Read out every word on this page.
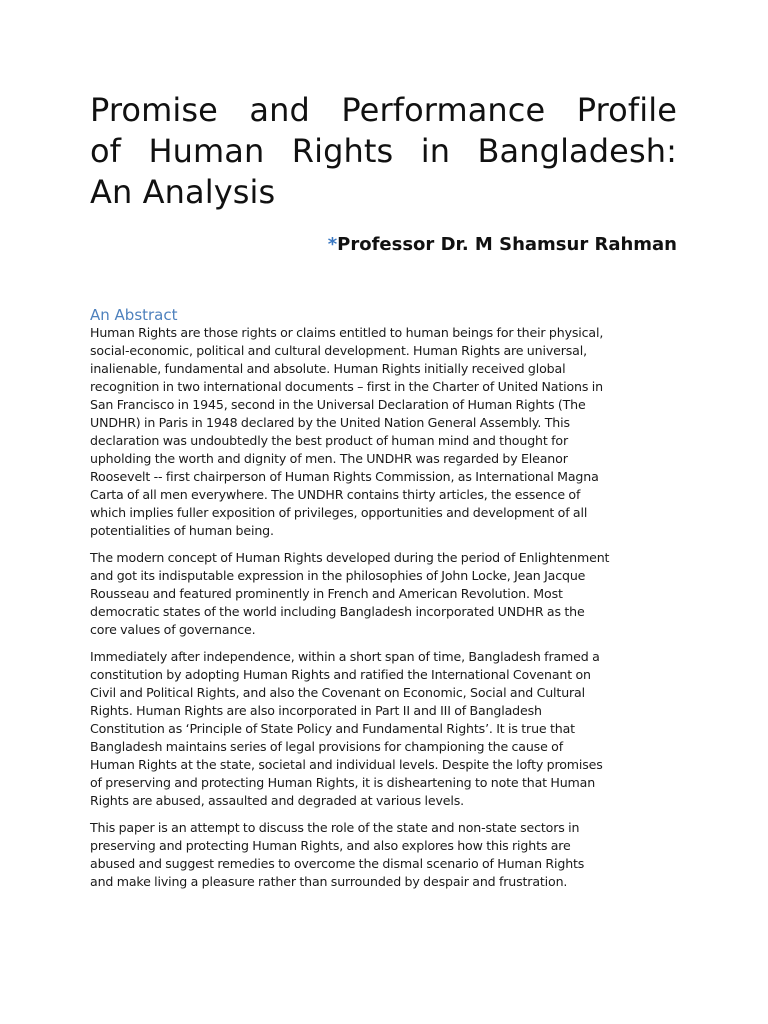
Promise and Performance Profile
of Human Rights in Bangladesh:
An Analysis
*Professor Dr. M Shamsur Rahman
An Abstract

Human Rights are those rights or claims entitled to human beings for their physical,
social-economic, political and cultural development. Human Rights are universal,
inalienable, fundamental and absolute. Human Rights initially received global
recognition in two international documents – first in the Charter of United Nations in
San Francisco in 1945, second in the Universal Declaration of Human Rights (The
UNDHR) in Paris in 1948 declared by the United Nation General Assembly. This
declaration was undoubtedly the best product of human mind and thought for
upholding the worth and dignity of men. The UNDHR was regarded by Eleanor
Roosevelt -- first chairperson of Human Rights Commission, as International Magna
Carta of all men everywhere. The UNDHR contains thirty articles, the essence of
which implies fuller exposition of privileges, opportunities and development of all
potentialities of human being.

The modern concept of Human Rights developed during the period of Enlightenment
and got its indisputable expression in the philosophies of John Locke, Jean Jacque
Rousseau and featured prominently in French and American Revolution. Most
democratic states of the world including Bangladesh incorporated UNDHR as the
core values of governance.

Immediately after independence, within a short span of time, Bangladesh framed a
constitution by adopting Human Rights and ratified the International Covenant on
Civil and Political Rights, and also the Covenant on Economic, Social and Cultural
Rights. Human Rights are also incorporated in Part II and III of Bangladesh
Constitution as ‘Principle of State Policy and Fundamental Rights’. It is true that
Bangladesh maintains series of legal provisions for championing the cause of
Human Rights at the state, societal and individual levels. Despite the lofty promises
of preserving and protecting Human Rights, it is disheartening to note that Human
Rights are abused, assaulted and degraded at various levels.

This paper is an attempt to discuss the role of the state and non-state sectors in
preserving and protecting Human Rights, and also explores how this rights are
abused and suggest remedies to overcome the dismal scenario of Human Rights
and make living a pleasure rather than surrounded by despair and frustration.
